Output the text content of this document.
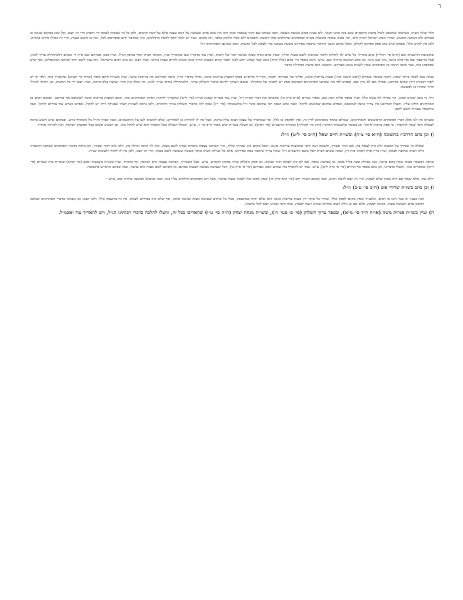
ד

תלוי בגלוי דעתו, כשיטתו שהבאנו לעיל בדעת הרמב״ם שגם בזה מהני תנאי, ולא בעינן ממש בשעת מעשה, וכמו שכתב שם דזהו שנאמר בזמן הזה אין שום אדם שעושה על דעת עצמו אלא על דעת הרבים, ולכן כל מי שמכוון לצאת ידי חובתו הרי זה יוצא, וכל שכן במקום שנהגו כן מעולם ולא נשתנה המנהג, שהרי מנהג ישראל תורה היא, וכך מצינו בכמה מקומות בש״ס ובפוסקים שהולכים אחר המנהג והסברא ולא אחר הלשון בלבד, וזה פשוט. ועוד יש לומר דאף לדעת החולקים, כיון שהדבר ידוע ומפורסם לכל, ואין בו חשש טעות, הרי זה כאילו פירש בהדיא, ולכן אין לחוש כלל, ובפרט שיש כאן ספק ספיקא לקולא, ומכל מקום הנכון והראוי שיאמר בפירוש בשעת מעשה כדי לצאת לכל הדעות, וכמו שכתבו האחרונים ז״ל.

ובתשובת הרשב״א שם (ח״א סי׳ תרל״ו) כתב בזה״ל: כל שיש לנו לתלות ולומר שנתכוון לשם מצוה תולין, שאין אדם מניח מצוה ועושה דבר של רשות, ועיין עוד בדבריו שם שהאריך בזה, והביאו הבית יוסף בסימן הנ״ל. ועיין במגן אברהם שם ס״ק ד׳ שכתב דלכתחילה צריך לכוון, אבל בדיעבד יצא אף בלא כוונה, כיון שכן נהגו. וכן כתב המשנה ברורה שם, ע״ש. והנה בספר חיי אדם (כלל ס״ח) כתב שמי שאינו יודע לכוון יאמר קודם המצוה הריני מוכן ומזומן לקיים מצות בוראי, ובזה יוצא, וכן נהגו רבים מישראל, וזהו ענין לשם יחוד שתקנו המקובלים, ואף שיש שפקפקו בזה, כבר כתבו הרבה מן הפוסקים שאין לשנות מנהג אבותינו, והמנהג הוא כדעת המקילין בדבר.

ועתה נבא לבאר ביתר שאת, דהנה מבואר בגמרא (ראש השנה כח:) מצות צריכות כוונה, ופליגי בה אמוראי ותנאי, והרי״ף והרא״ש פסקו דמצות צריכות כוונה, ואילו מדברי הר״ן נראה דבדרבנן אין צריכות כוונה, ועיין בשו״ת חתם סופר (או״ח סי׳ קצ״ט) שהאריך בזה. ולפי זה יש לומר דבנידון דידן שהוא מדרבנן, אפילו אם לא כיון יצא, ובפרט לפי מה שכתבו האחרונים דבמקום ספק יש לסמוך על המקילין. אמנם העיקר לדינא כדברי השלחן ערוך, דלכתחילה בודאי צריך לכוון, ומי שלא כיון חוזר ועושה בלא ברכה, ובזה יוצא ידי כל הדעות, וכן ראיתי לגדולי הדור שהורו כן למעשה.

ז״ל: כי בזמן שאינו מכוון, הוי כאילו לא עשה כלל, ועיין בספר אליה רבה שם, ובפרי מגדים (א״א ס״ק ב׳) שהביאו את דברי הב״ח ז״ל, ועיין עוד בשו״ת שאגת אריה (סי׳ ל״ט) שהאריך לדחות ראיות האחרונים בזה, וכתב דמצות צריכות כוונה לעיכובא אף בדרבנן. ואמנם רבים מן האחרונים חלקו עליו, והעלו דבדרבנן אין צריך כוונה לעיכובא, ובפרט במקום שהמנהג להקל. וכבר כתב הגאון רבי עקיבא איגר ז״ל בתשובותיו (סי׳ י״ז) שאין לזוז מדברי השלחן ערוך והרמ״א, ולכן נראה לעניות דעתי שבנידון דידן יש להקל, ובפרט כשיש עוד צדדים להקל, וכמו שיתבאר בעזרת השם לקמן.

ומעתה אין לנו אלא דברי הפוסקים הראשונים והאחרונים, שכולם כאחד מסכימים לדין זה, ואין לפקפק בו כלל, ומי שמחמיר על עצמו תבוא עליו ברכה, אבל אין לו להורות כן לאחרים, שלא להוציא לעז על הראשונים, וכבר אמרו חז״ל כל המוסיף גורע, ובמקום שיש חשש ברכה לבטלה ודאי שאין להחמיר, כי ספק ברכות להקל. וכן מבואר בתשובות הרדב״ז (ח״ג סי׳ תקל״ה) ובשו״ת הרשב״ש (סי׳ רפ״ב), וכן העלה בשו״ת יביע אומר ח״ב סי׳ ו׳, ע״ש. והכלל העולה מכל האמור הוא שיש להקל בזה, וכן המנהג פשוט בכל תפוצות ישראל, ואין להרהר אחריו.

ו) וכן כתב הרדב״ז בתשובה (ח״א סי׳ צ״ה) ובשו״ת חיים שאל (ח״ב סי׳ ל״ט) וז״ל:

שאלה מי שבירך על המצוה ולא כיון לצאת בה, אם חוזר ומברך, תשובה הנה ודאי שהמצות צריכות כוונה, ומכל מקום כיון שבירך עליה, הרי הברכה עצמה מוכחת שכיון לשם מצוה, ואין לך כוונה גדולה מזו, ולכן אינו חוזר ומברך, וכן נראה מדברי הפוסקים שכתבו דהמברך גילה דעתו שרוצה לצאת, ועיין בר״ן פרק ראוהו בית דין, ובמה שכתב הבית יוסף בשם הרשב״א ז״ל, שאין צריך שיאמר בפה בפירוש, אלא כל שגילה דעתו מתוך מעשיו שעושה לשם מצוה, הרי זה יוצא, ולכן אין לו לחזור ולעשות שנית.

ונראה דבשאר מצות שאין בהם ברכה, כגון אכילת מצה בליל פסח, או שמיעת שופר, אם לא כיון לצאת חוזר ועושה, וכן פסק השלחן ערוך בסימן תקפ״ט, ע״ש. אבל כשבירך, הברכה עצמה היא הכוונה, וזה מוכרח, ועיין בשו״ת משכנות יעקב (סי׳ קכ״ב) ובשו״ת בית שערים (סי׳ ר״מ) שהאריכו בזה, והעלו כדברינו, וכן כתב בספר כף החיים (סי׳ ס׳ ס״ק ל״ב), ע״ש. ועוד יש להוסיף מה שכתב המגן אברהם (סי׳ ס׳ ס״ק ב׳), דכל שעושה מעשה המצוה בסתם, מן הסתם לשם מצוה הוא עושה, וכמו שכתב הרא״ש בתשובה.

״ולא עוד, אלא שאף אם היה מכוון שלא לצאת, הרי זה יוצא לדעת רבים, וכמו שכתב הטורי זהב (סי׳ ת״פ ס״ק א׳) שאין אדם יכול לעקור מצוה בדבור, אבל רוב הפוסקים חולקים עליו בזה, וכמו שהביא המשנה ברורה שם, ע״ש.״

ז) וכן כתב בשו״ת שרידי אש (ח״ב סי׳ ע״ב) וז״ל:

הנה בענין זה כבר דשו בו רבים, ונלענ״ד שאין מקום לספק כלל, שהרי כל עיקר דין מצות צריכות כוונה הוא שלא יהיה כמתעסק, אבל כל שיודע שעושה מצוה ועושה אותה, אף שלא כיון בפירוש לצאת, אין זה מתעסק כלל, ולכן יוצא, וכן מבואר בדברי האחרונים שכתבו דסתם אדם העושה מצוה, כוונתו לצאת, אלא אם כן גילה דעתו בהדיא שאינו רוצה לצאת, ובזה ודאי שאינו יוצא לכל הדעות.

ח) ועיין בשו״ת אגרות משה (או״ח ח״ד סי׳ מ״א), ובספר ערוך השלחן (סי׳ ס׳ סעי׳ ה׳), ובשו״ת מנחת יצחק (ח״ה סי׳ ט״ו) שהאריכו בכל זה, והעלו להלכה כדברי רבותינו הנ״ל, ויש להאריך עוד ואכמ״ל.
